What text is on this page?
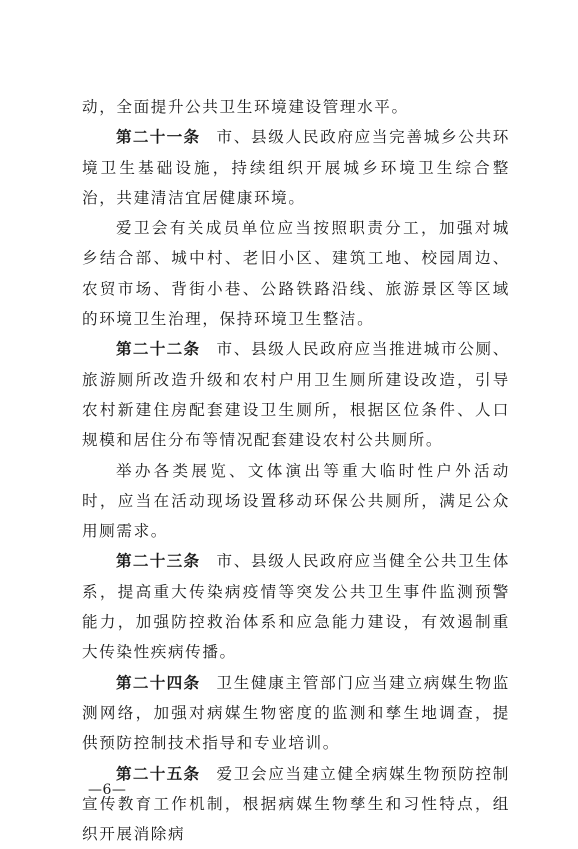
动，全面提升公共卫生环境建设管理水平。

第二十一条 市、县级人民政府应当完善城乡公共环境卫生基础设施，持续组织开展城乡环境卫生综合整治，共建清洁宜居健康环境。

爱卫会有关成员单位应当按照职责分工，加强对城乡结合部、城中村、老旧小区、建筑工地、校园周边、农贸市场、背街小巷、公路铁路沿线、旅游景区等区域的环境卫生治理，保持环境卫生整洁。

第二十二条 市、县级人民政府应当推进城市公厕、旅游厕所改造升级和农村户用卫生厕所建设改造，引导农村新建住房配套建设卫生厕所，根据区位条件、人口规模和居住分布等情况配套建设农村公共厕所。

举办各类展览、文体演出等重大临时性户外活动时，应当在活动现场设置移动环保公共厕所，满足公众用厕需求。

第二十三条 市、县级人民政府应当健全公共卫生体系，提高重大传染病疫情等突发公共卫生事件监测预警能力，加强防控救治体系和应急能力建设，有效遏制重大传染性疾病传播。

第二十四条 卫生健康主管部门应当建立病媒生物监测网络，加强对病媒生物密度的监测和孳生地调查，提供预防控制技术指导和专业培训。

第二十五条 爱卫会应当建立健全病媒生物预防控制宣传教育工作机制，根据病媒生物孳生和习性特点，组织开展消除病

—6—
